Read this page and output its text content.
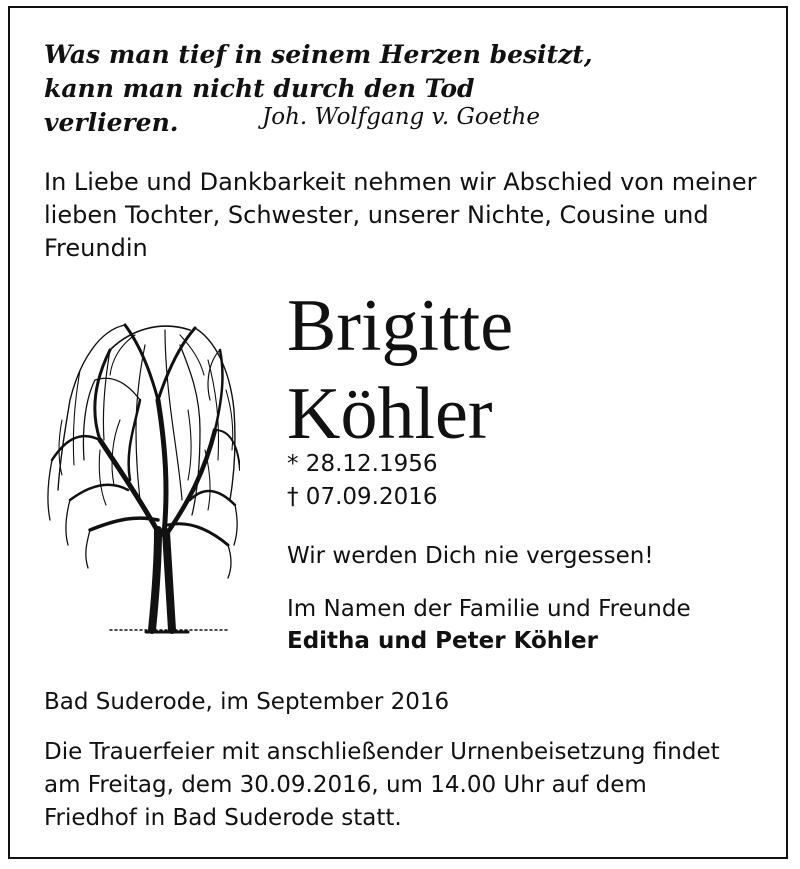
Was man tief in seinem Herzen besitzt,
kann man nicht durch den Tod verlieren.	Joh. Wolfgang v. Goethe
In Liebe und Dankbarkeit nehmen wir Abschied von meiner
lieben Tochter, Schwester, unserer Nichte, Cousine und
Freundin
Brigitte
Köhler
* 28.12.1956
† 07.09.2016
Wir werden Dich nie vergessen!
Im Namen der Familie und Freunde
Editha und Peter Köhler
Bad Suderode, im September 2016
Die Trauerfeier mit anschließender Urnenbeisetzung findet
am Freitag, dem 30.09.2016, um 14.00 Uhr auf dem
Friedhof in Bad Suderode statt.
